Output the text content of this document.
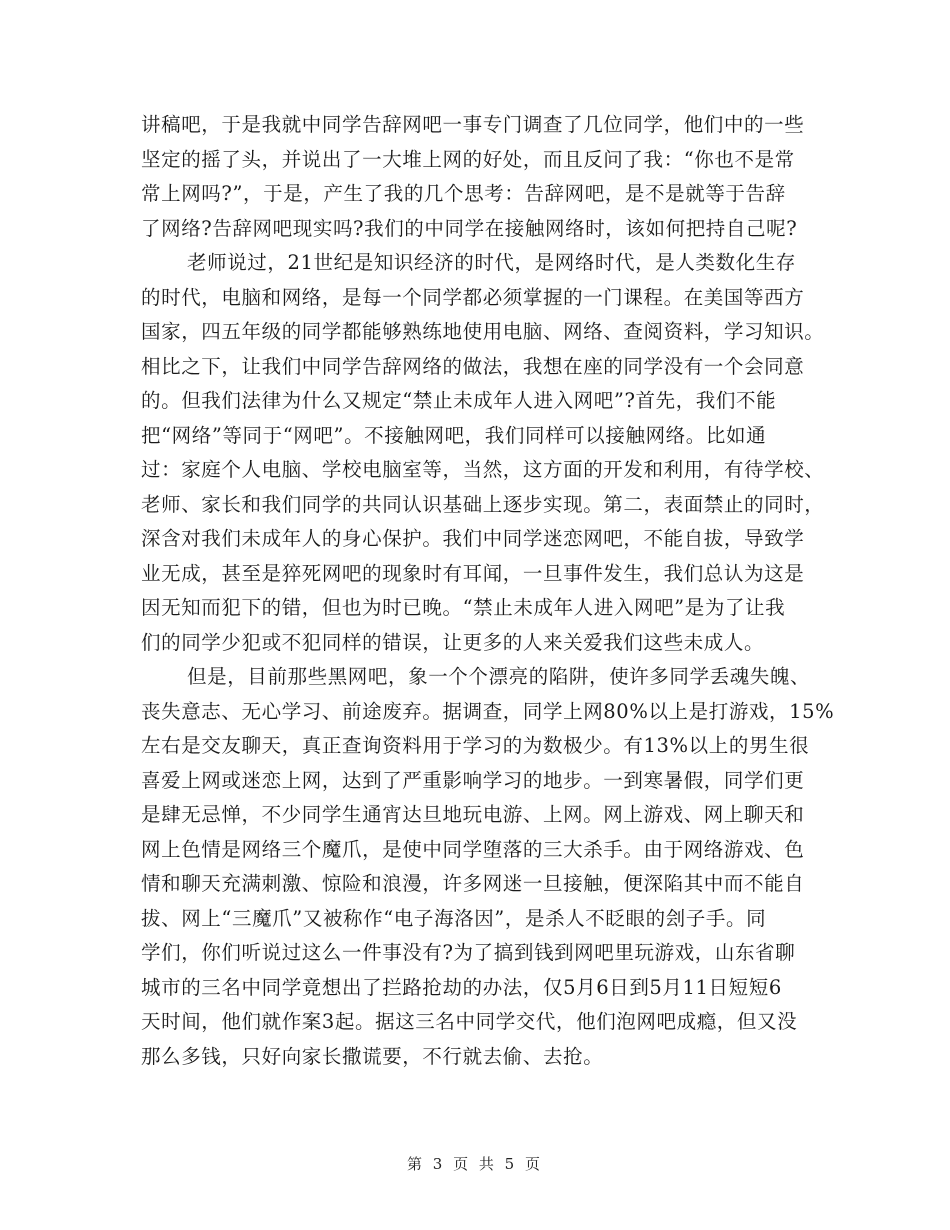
讲稿吧，于是我就中同学告辞网吧一事专门调查了几位同学，他们中的一些
坚定的摇了头，并说出了一大堆上网的好处，而且反问了我：“你也不是常
常上网吗?”，于是，产生了我的几个思考：告辞网吧，是不是就等于告辞
了网络?告辞网吧现实吗?我们的中同学在接触网络时，该如何把持自己呢?
老师说过，21世纪是知识经济的时代，是网络时代，是人类数化生存
的时代，电脑和网络，是每一个同学都必须掌握的一门课程。在美国等西方
国家，四五年级的同学都能够熟练地使用电脑、网络、查阅资料，学习知识。
相比之下，让我们中同学告辞网络的做法，我想在座的同学没有一个会同意
的。但我们法律为什么又规定“禁止未成年人进入网吧”?首先，我们不能
把“网络”等同于“网吧”。不接触网吧，我们同样可以接触网络。比如通
过：家庭个人电脑、学校电脑室等，当然，这方面的开发和利用，有待学校、
老师、家长和我们同学的共同认识基础上逐步实现。第二，表面禁止的同时，
深含对我们未成年人的身心保护。我们中同学迷恋网吧，不能自拔，导致学
业无成，甚至是猝死网吧的现象时有耳闻，一旦事件发生，我们总认为这是
因无知而犯下的错，但也为时已晚。“禁止未成年人进入网吧”是为了让我
们的同学少犯或不犯同样的错误，让更多的人来关爱我们这些未成人。
但是，目前那些黑网吧，象一个个漂亮的陷阱，使许多同学丢魂失魄、
丧失意志、无心学习、前途废弃。据调查，同学上网80%以上是打游戏，15%
左右是交友聊天，真正查询资料用于学习的为数极少。有13%以上的男生很
喜爱上网或迷恋上网，达到了严重影响学习的地步。一到寒暑假，同学们更
是肆无忌惮，不少同学生通宵达旦地玩电游、上网。网上游戏、网上聊天和
网上色情是网络三个魔爪，是使中同学堕落的三大杀手。由于网络游戏、色
情和聊天充满刺激、惊险和浪漫，许多网迷一旦接触，便深陷其中而不能自
拔、网上“三魔爪”又被称作“电子海洛因”，是杀人不眨眼的刽子手。同
学们，你们听说过这么一件事没有?为了搞到钱到网吧里玩游戏，山东省聊
城市的三名中同学竟想出了拦路抢劫的办法，仅5月6日到5月11日短短6
天时间，他们就作案3起。据这三名中同学交代，他们泡网吧成瘾，但又没
那么多钱，只好向家长撒谎要，不行就去偷、去抢。
第 3 页 共 5 页
